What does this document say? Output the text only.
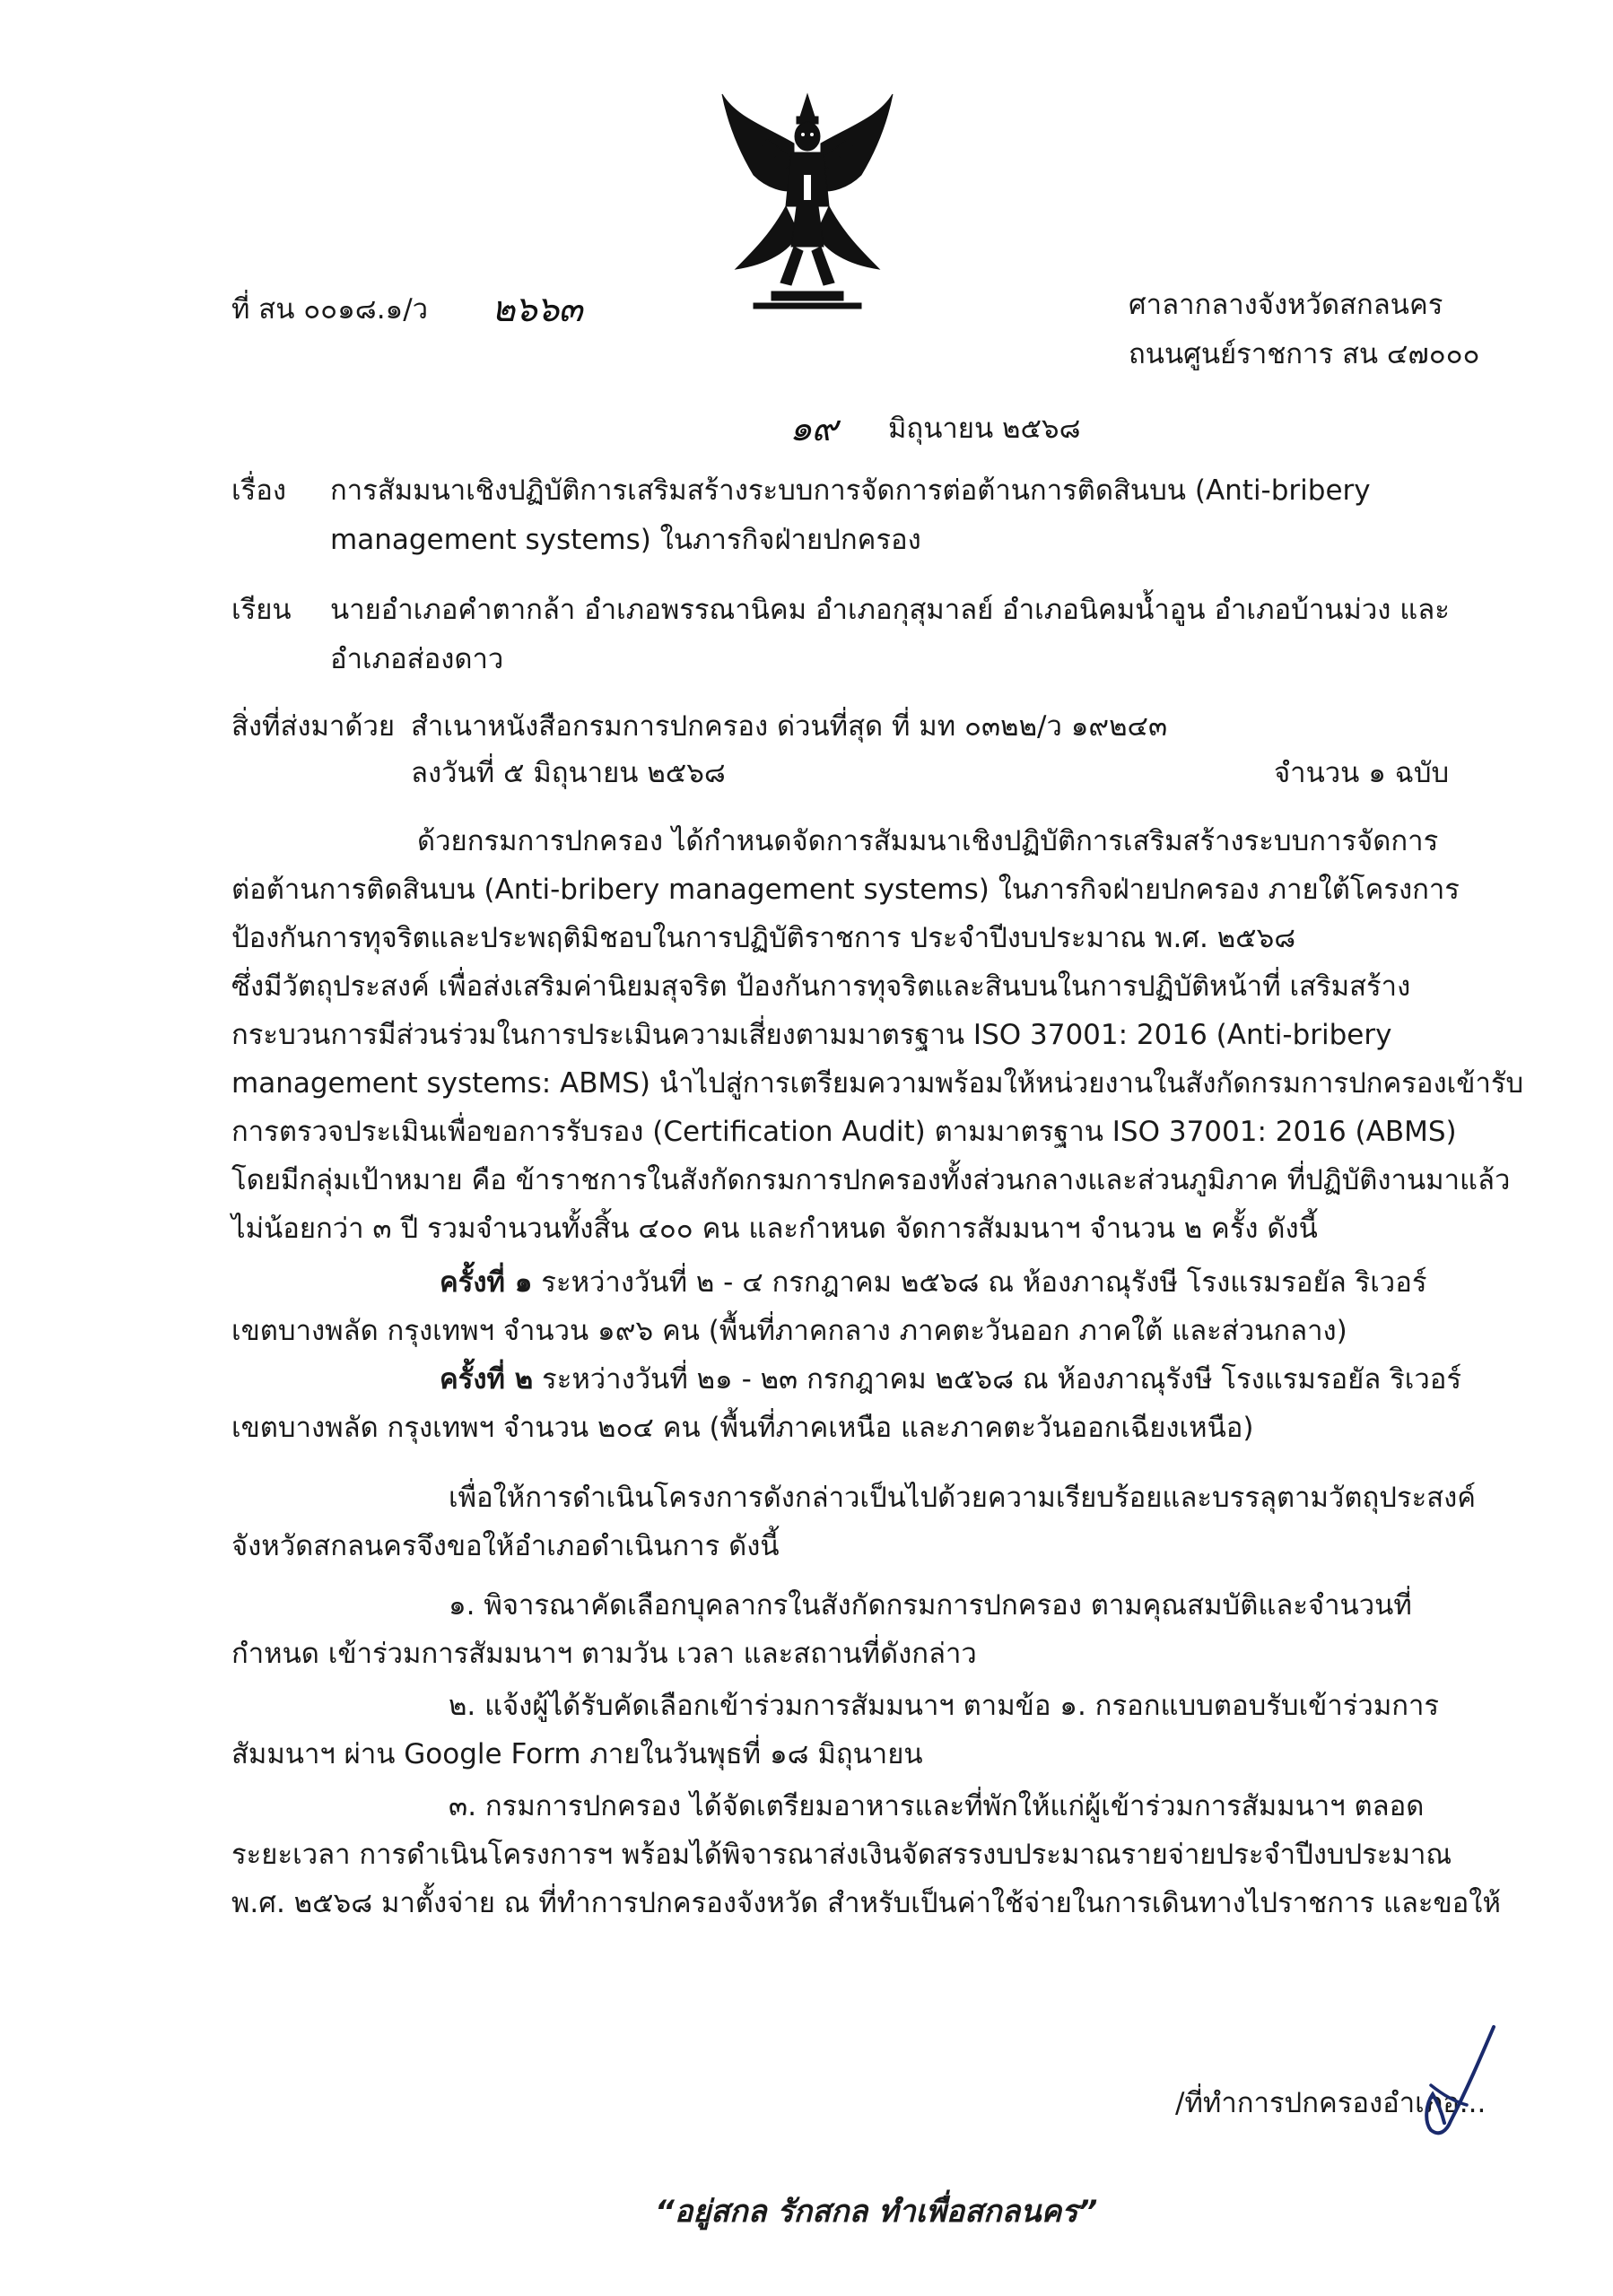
ที่ สน ๐๐๑๘.๑/ว ๒๖๖๓	ศาลากลางจังหวัดสกลนคร
ถนนศูนย์ราชการ สน ๔๗๐๐๐
๑๙ มิถุนายน ๒๕๖๘
เรื่อง การสัมมนาเชิงปฏิบัติการเสริมสร้างระบบการจัดการต่อต้านการติดสินบน (Anti-bribery
management systems) ในภารกิจฝ่ายปกครอง
เรียน นายอำเภอคำตากล้า อำเภอพรรณานิคม อำเภอกุสุมาลย์ อำเภอนิคมน้ำอูน อำเภอบ้านม่วง และ
อำเภอส่องดาว
สิ่งที่ส่งมาด้วย สำเนาหนังสือกรมการปกครอง ด่วนที่สุด ที่ มท ๐๓๒๒/ว ๑๙๒๔๓
ลงวันที่ ๕ มิถุนายน ๒๕๖๘	จำนวน ๑ ฉบับ
ด้วยกรมการปกครอง ได้กำหนดจัดการสัมมนาเชิงปฏิบัติการเสริมสร้างระบบการจัดการ
ต่อต้านการติดสินบน (Anti-bribery management systems) ในภารกิจฝ่ายปกครอง ภายใต้โครงการ
ป้องกันการทุจริตและประพฤติมิชอบในการปฏิบัติราชการ ประจำปีงบประมาณ พ.ศ. ๒๕๖๘
ซึ่งมีวัตถุประสงค์ เพื่อส่งเสริมค่านิยมสุจริต ป้องกันการทุจริตและสินบนในการปฏิบัติหน้าที่ เสริมสร้าง
กระบวนการมีส่วนร่วมในการประเมินความเสี่ยงตามมาตรฐาน ISO 37001: 2016 (Anti-bribery
management systems: ABMS) นำไปสู่การเตรียมความพร้อมให้หน่วยงานในสังกัดกรมการปกครองเข้ารับ
การตรวจประเมินเพื่อขอการรับรอง (Certification Audit) ตามมาตรฐาน ISO 37001: 2016 (ABMS)
โดยมีกลุ่มเป้าหมาย คือ ข้าราชการในสังกัดกรมการปกครองทั้งส่วนกลางและส่วนภูมิภาค ที่ปฏิบัติงานมาแล้ว
ไม่น้อยกว่า ๓ ปี รวมจำนวนทั้งสิ้น ๔๐๐ คน และกำหนด จัดการสัมมนาฯ จำนวน ๒ ครั้ง ดังนี้
ครั้งที่ ๑ ระหว่างวันที่ ๒ - ๔ กรกฎาคม ๒๕๖๘ ณ ห้องภาณุรังษี โรงแรมรอยัล ริเวอร์
เขตบางพลัด กรุงเทพฯ จำนวน ๑๙๖ คน (พื้นที่ภาคกลาง ภาคตะวันออก ภาคใต้ และส่วนกลาง)
ครั้งที่ ๒ ระหว่างวันที่ ๒๑ - ๒๓ กรกฎาคม ๒๕๖๘ ณ ห้องภาณุรังษี โรงแรมรอยัล ริเวอร์
เขตบางพลัด กรุงเทพฯ จำนวน ๒๐๔ คน (พื้นที่ภาคเหนือ และภาคตะวันออกเฉียงเหนือ)
เพื่อให้การดำเนินโครงการดังกล่าวเป็นไปด้วยความเรียบร้อยและบรรลุตามวัตถุประสงค์
จังหวัดสกลนครจึงขอให้อำเภอดำเนินการ ดังนี้
๑. พิจารณาคัดเลือกบุคลากรในสังกัดกรมการปกครอง ตามคุณสมบัติและจำนวนที่
กำหนด เข้าร่วมการสัมมนาฯ ตามวัน เวลา และสถานที่ดังกล่าว
๒. แจ้งผู้ได้รับคัดเลือกเข้าร่วมการสัมมนาฯ ตามข้อ ๑. กรอกแบบตอบรับเข้าร่วมการ
สัมมนาฯ ผ่าน Google Form ภายในวันพุธที่ ๑๘ มิถุนายน
๓. กรมการปกครอง ได้จัดเตรียมอาหารและที่พักให้แก่ผู้เข้าร่วมการสัมมนาฯ ตลอด
ระยะเวลา การดำเนินโครงการฯ พร้อมได้พิจารณาส่งเงินจัดสรรงบประมาณรายจ่ายประจำปีงบประมาณ
พ.ศ. ๒๕๖๘ มาตั้งจ่าย ณ ที่ทำการปกครองจังหวัด สำหรับเป็นค่าใช้จ่ายในการเดินทางไปราชการ และขอให้
/ที่ทำการปกครองอำเภอ...
“อยู่สกล รักสกล ทำเพื่อสกลนคร”
